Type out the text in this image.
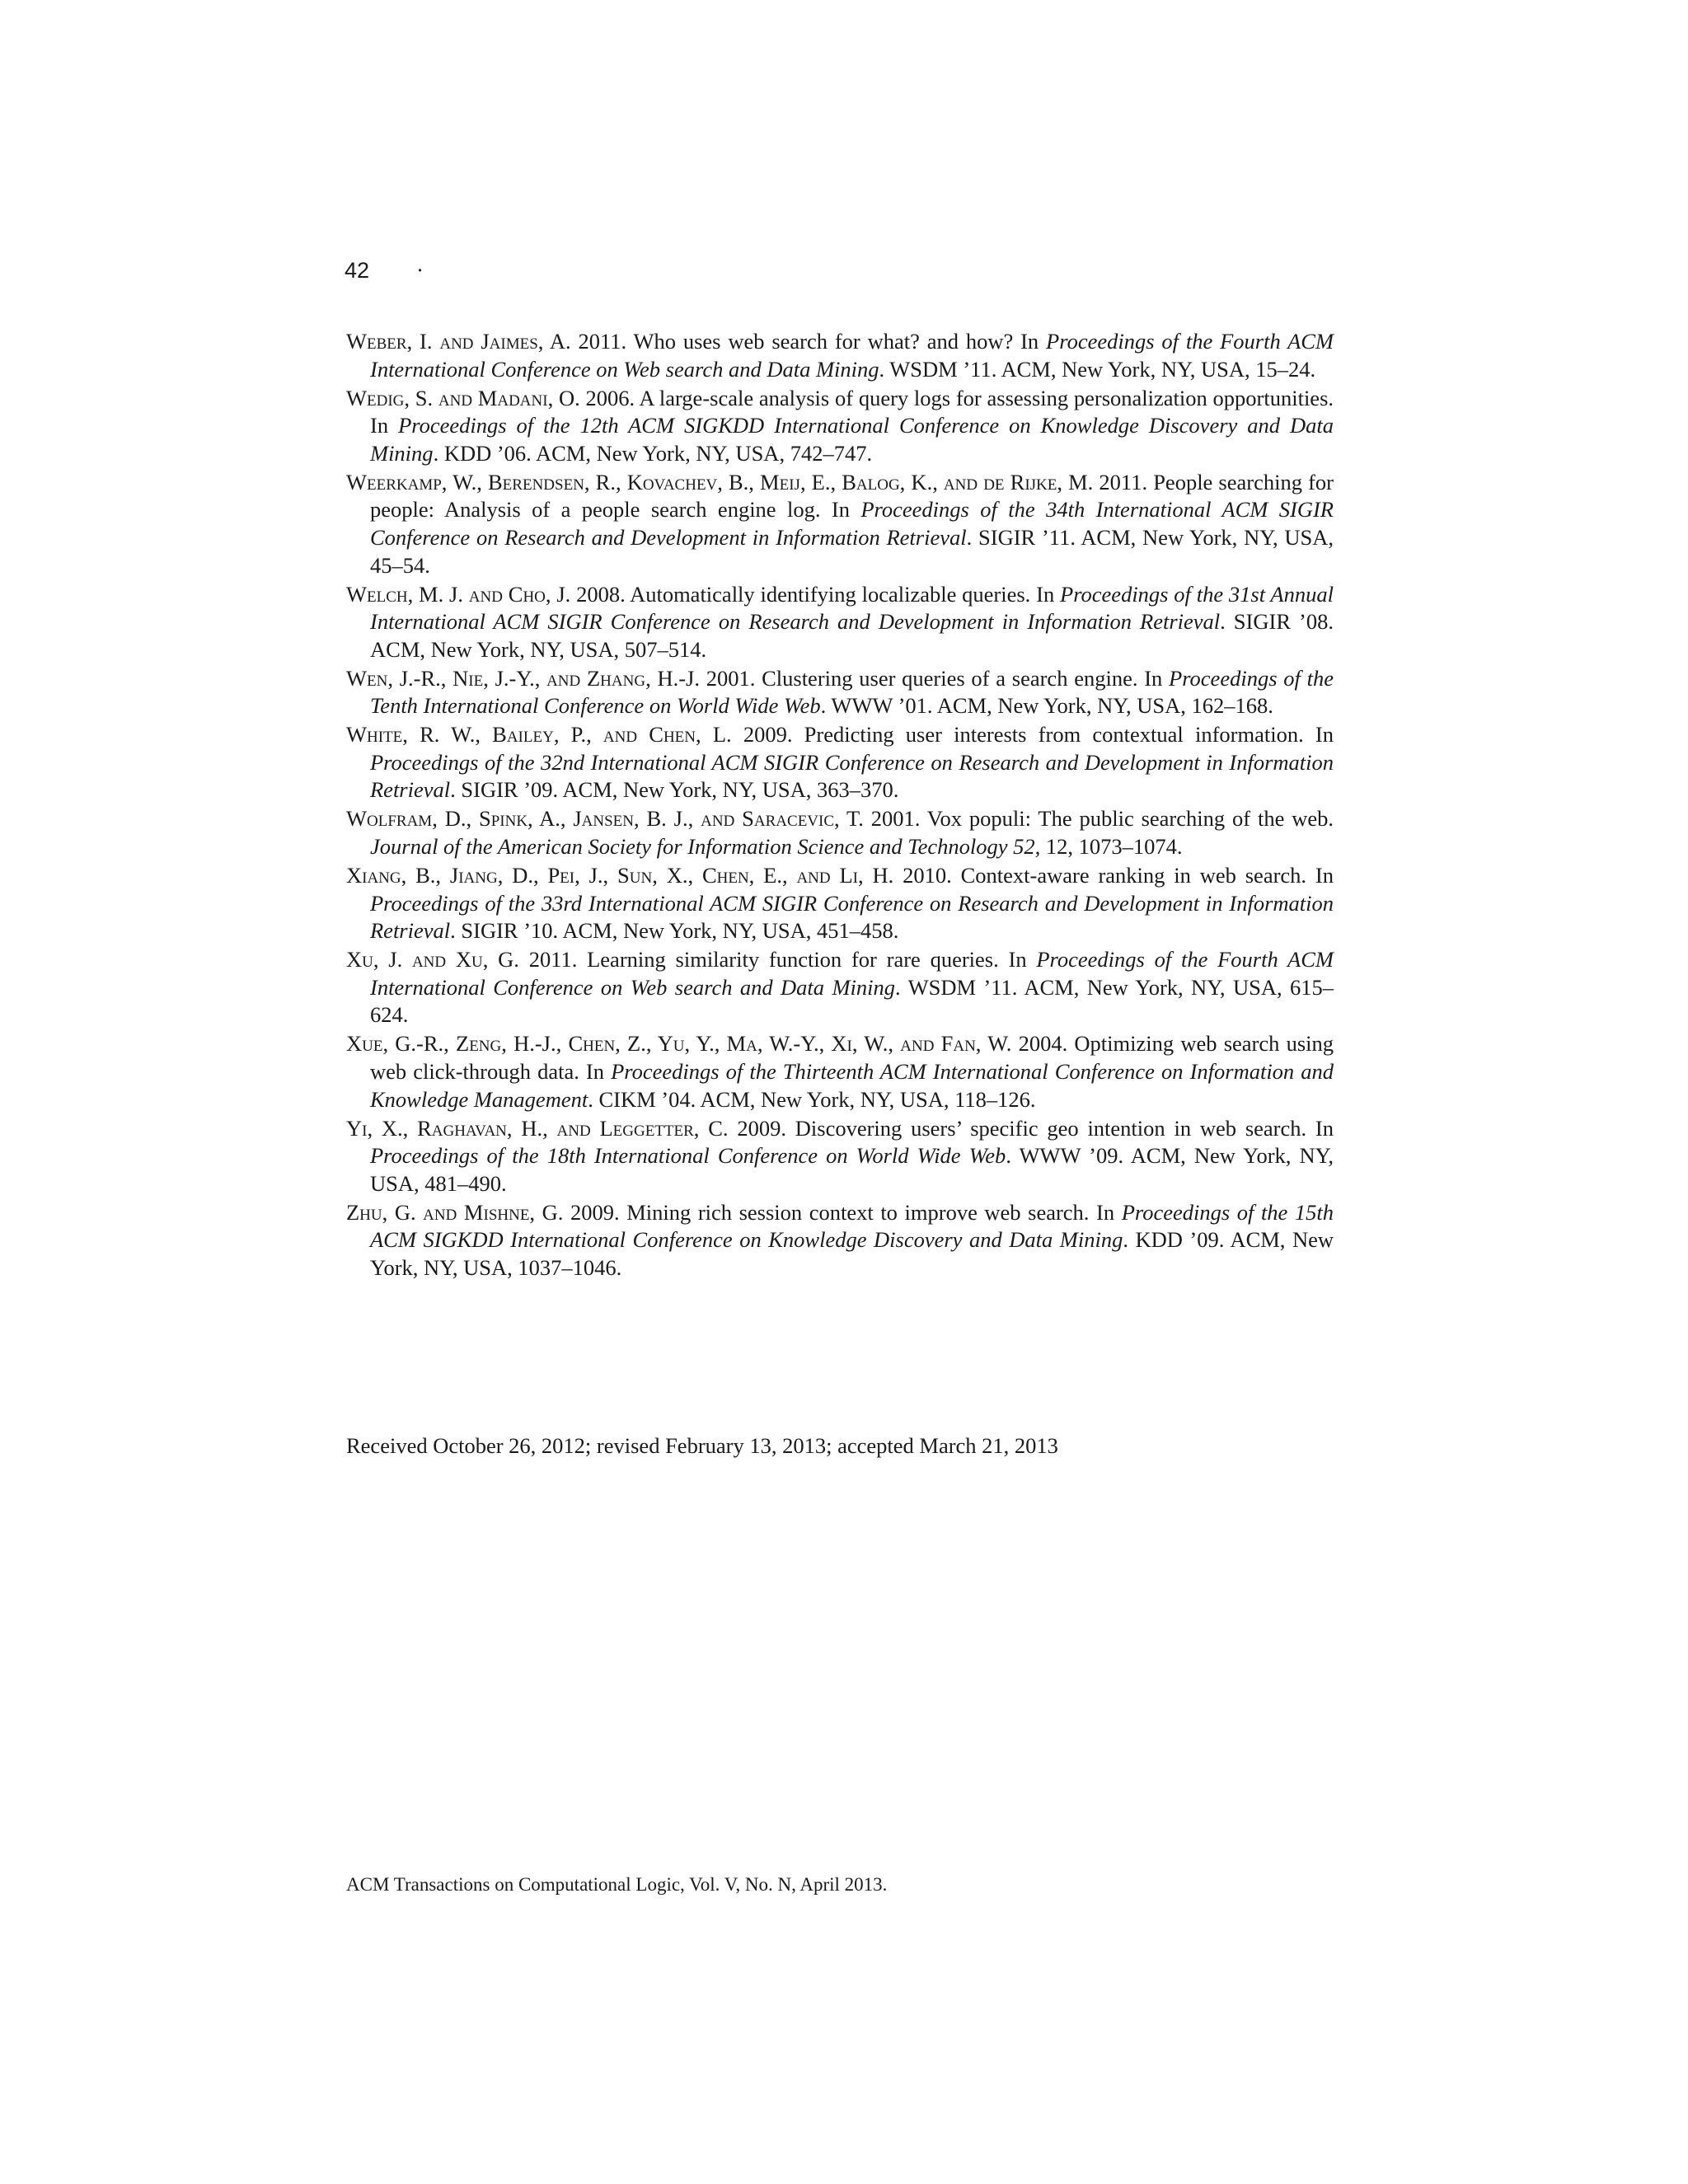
42 ·

Weber, I. and Jaimes, A. 2011. Who uses web search for what? and how? In Proceedings of the Fourth ACM International Conference on Web search and Data Mining. WSDM ’11. ACM, New York, NY, USA, 15–24.

Wedig, S. and Madani, O. 2006. A large-scale analysis of query logs for assessing personalization opportunities. In Proceedings of the 12th ACM SIGKDD International Conference on Knowledge Discovery and Data Mining. KDD ’06. ACM, New York, NY, USA, 742–747.

Weerkamp, W., Berendsen, R., Kovachev, B., Meij, E., Balog, K., and de Rijke, M. 2011. People searching for people: Analysis of a people search engine log. In Proceedings of the 34th International ACM SIGIR Conference on Research and Development in Information Retrieval. SIGIR ’11. ACM, New York, NY, USA, 45–54.

Welch, M. J. and Cho, J. 2008. Automatically identifying localizable queries. In Proceedings of the 31st Annual International ACM SIGIR Conference on Research and Development in Information Retrieval. SIGIR ’08. ACM, New York, NY, USA, 507–514.

Wen, J.-R., Nie, J.-Y., and Zhang, H.-J. 2001. Clustering user queries of a search engine. In Proceedings of the Tenth International Conference on World Wide Web. WWW ’01. ACM, New York, NY, USA, 162–168.

White, R. W., Bailey, P., and Chen, L. 2009. Predicting user interests from contextual information. In Proceedings of the 32nd International ACM SIGIR Conference on Research and Development in Information Retrieval. SIGIR ’09. ACM, New York, NY, USA, 363–370.

Wolfram, D., Spink, A., Jansen, B. J., and Saracevic, T. 2001. Vox populi: The public searching of the web. Journal of the American Society for Information Science and Technology 52, 12, 1073–1074.

Xiang, B., Jiang, D., Pei, J., Sun, X., Chen, E., and Li, H. 2010. Context-aware ranking in web search. In Proceedings of the 33rd International ACM SIGIR Conference on Research and Development in Information Retrieval. SIGIR ’10. ACM, New York, NY, USA, 451–458.

Xu, J. and Xu, G. 2011. Learning similarity function for rare queries. In Proceedings of the Fourth ACM International Conference on Web search and Data Mining. WSDM ’11. ACM, New York, NY, USA, 615–624.

Xue, G.-R., Zeng, H.-J., Chen, Z., Yu, Y., Ma, W.-Y., Xi, W., and Fan, W. 2004. Optimizing web search using web click-through data. In Proceedings of the Thirteenth ACM International Conference on Information and Knowledge Management. CIKM ’04. ACM, New York, NY, USA, 118–126.

Yi, X., Raghavan, H., and Leggetter, C. 2009. Discovering users’ specific geo intention in web search. In Proceedings of the 18th International Conference on World Wide Web. WWW ’09. ACM, New York, NY, USA, 481–490.

Zhu, G. and Mishne, G. 2009. Mining rich session context to improve web search. In Proceedings of the 15th ACM SIGKDD International Conference on Knowledge Discovery and Data Mining. KDD ’09. ACM, New York, NY, USA, 1037–1046.

Received October 26, 2012; revised February 13, 2013; accepted March 21, 2013
ACM Transactions on Computational Logic, Vol. V, No. N, April 2013.
